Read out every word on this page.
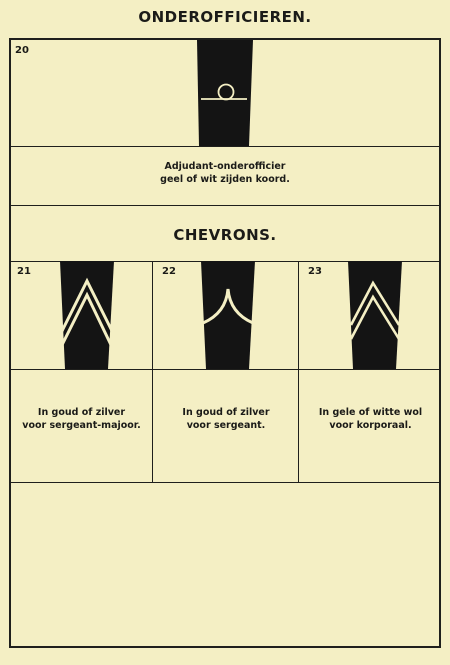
ONDEROFFICIEREN.
20
Adjudant-onderofficier
geel of wit zijden koord.
CHEVRONS.
21
In goud of zilver
voor sergeant-majoor.
22
In goud of zilver
voor sergeant.
23
In gele of witte wol
voor korporaal.
